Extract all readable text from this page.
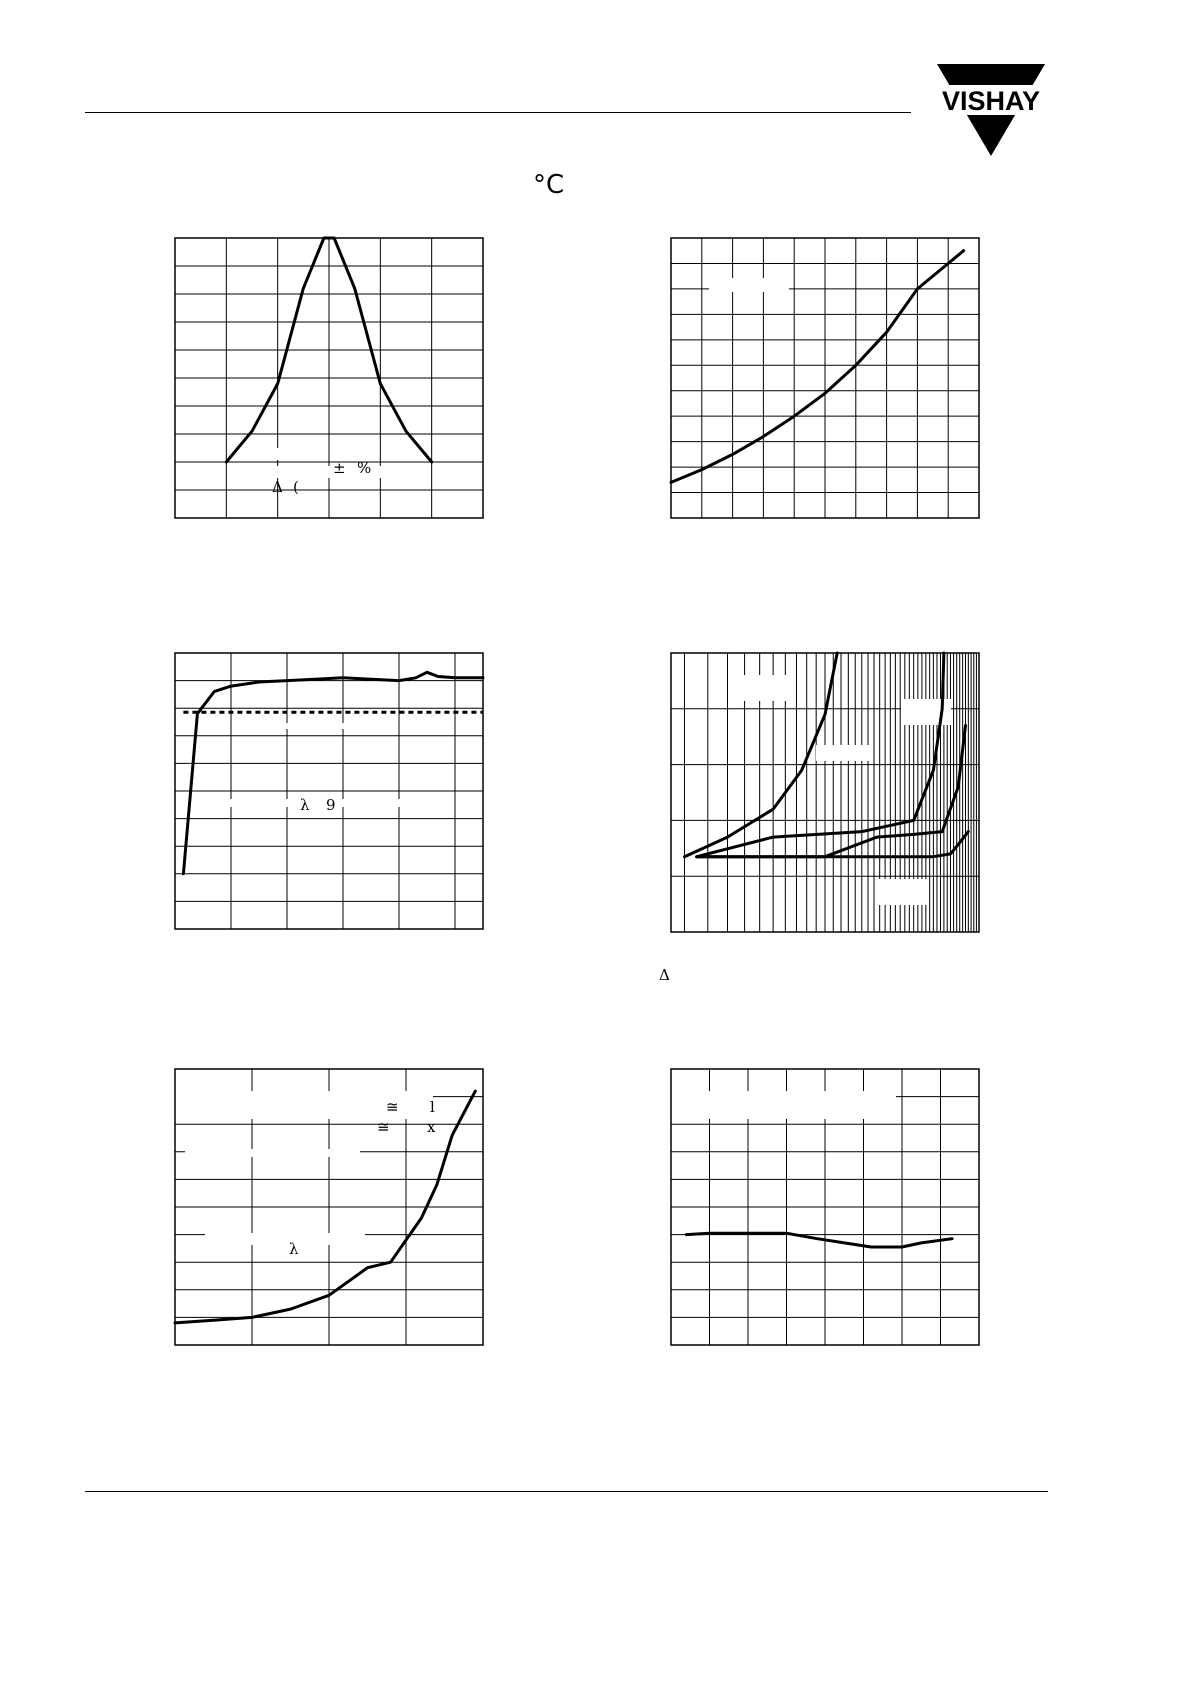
VISHAY
°C
± %
Δ (
λ 9
Δ
≅ l
≅ x
λ
